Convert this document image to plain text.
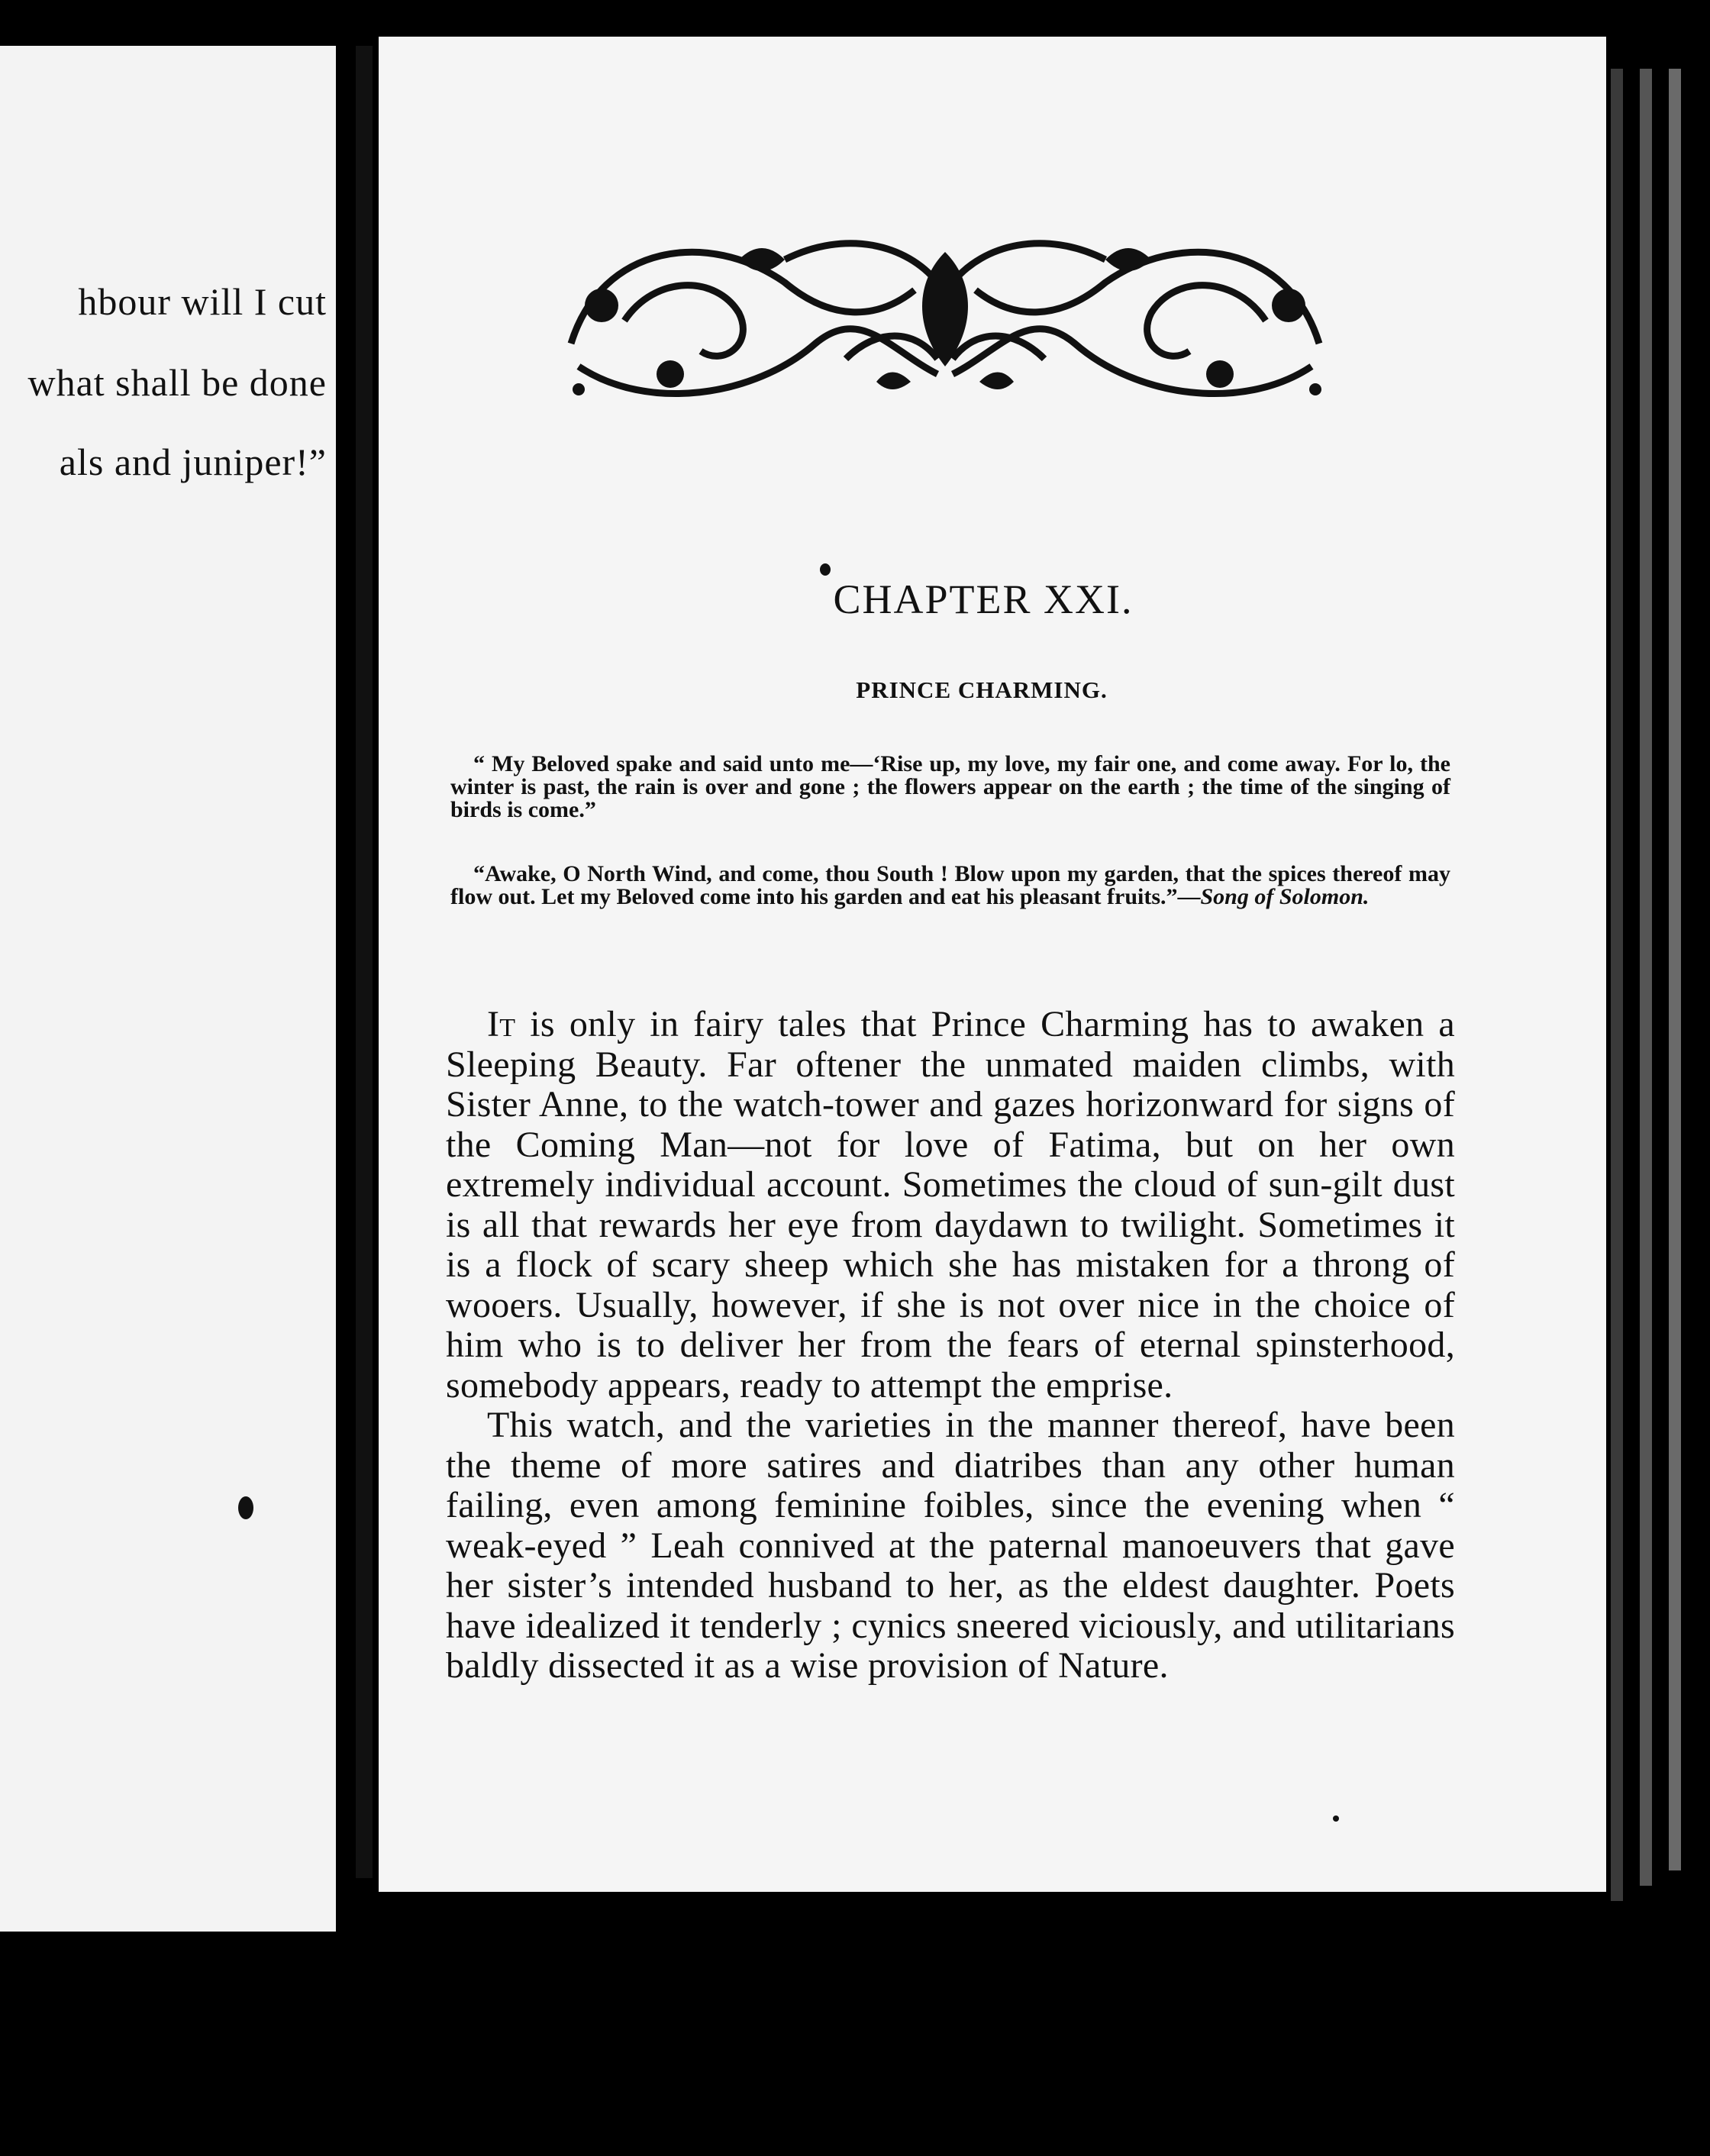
hbour will I cut
what shall be done
als and juniper!”
CHAPTER XXI.
PRINCE CHARMING.

“ My Beloved spake and said unto me—‘Rise up, my love, my fair one, and come away. For lo, the winter is past, the rain is over and gone ; the flowers appear on the earth ; the time of the singing of birds is come.”

“Awake, O North Wind, and come, thou South ! Blow upon my garden, that the spices thereof may flow out. Let my Beloved come into his garden and eat his pleasant fruits.”—Song of Solomon.

It is only in fairy tales that Prince Charming has to awaken a Sleeping Beauty. Far oftener the unmated maiden climbs, with Sister Anne, to the watch-tower and gazes horizonward for signs of the Coming Man—not for love of Fatima, but on her own extremely individual account. Sometimes the cloud of sun-gilt dust is all that rewards her eye from daydawn to twilight. Sometimes it is a flock of scary sheep which she has mistaken for a throng of wooers. Usually, however, if she is not over nice in the choice of him who is to deliver her from the fears of eternal spinsterhood, somebody appears, ready to attempt the emprise.

This watch, and the varieties in the manner thereof, have been the theme of more satires and diatribes than any other human failing, even among feminine foibles, since the evening when “ weak-eyed ” Leah connived at the paternal manoeuvers that gave her sister’s intended husband to her, as the eldest daughter. Poets have idealized it tenderly ; cynics sneered viciously, and utilitarians baldly dissected it as a wise provision of Nature.
